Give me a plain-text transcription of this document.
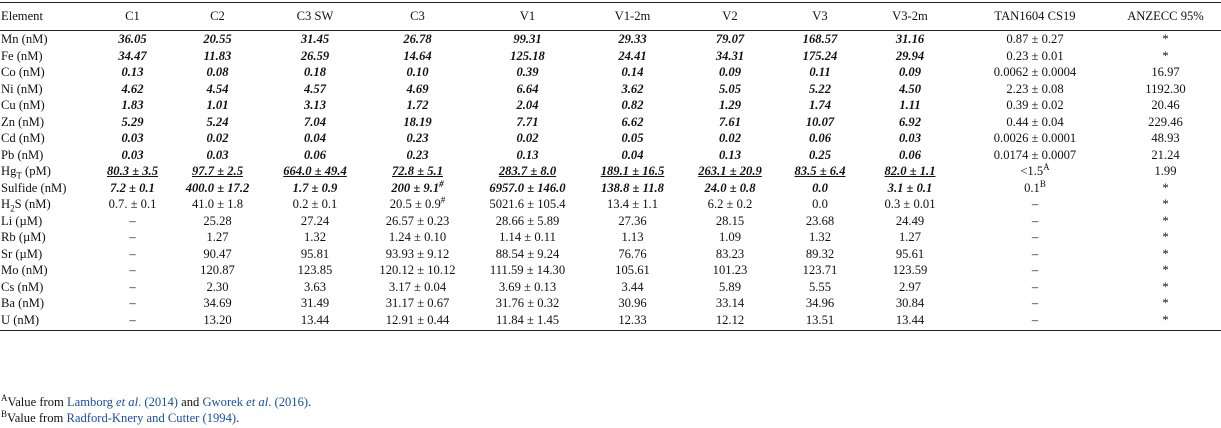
Element	C1	C2	C3 SW	C3	V1	V1-2m	V2	V3	V3-2m	TAN1604 CS19	ANZECC 95%
Mn (nM)	36.05	20.55	31.45	26.78	99.31	29.33	79.07	168.57	31.16	0.87 ± 0.27	*
Fe (nM)	34.47	11.83	26.59	14.64	125.18	24.41	34.31	175.24	29.94	0.23 ± 0.01	*
Co (nM)	0.13	0.08	0.18	0.10	0.39	0.14	0.09	0.11	0.09	0.0062 ± 0.0004	16.97
Ni (nM)	4.62	4.54	4.57	4.69	6.64	3.62	5.05	5.22	4.50	2.23 ± 0.08	1192.30
Cu (nM)	1.83	1.01	3.13	1.72	2.04	0.82	1.29	1.74	1.11	0.39 ± 0.02	20.46
Zn (nM)	5.29	5.24	7.04	18.19	7.71	6.62	7.61	10.07	6.92	0.44 ± 0.04	229.46
Cd (nM)	0.03	0.02	0.04	0.23	0.02	0.05	0.02	0.06	0.03	0.0026 ± 0.0001	48.93
Pb (nM)	0.03	0.03	0.06	0.23	0.13	0.04	0.13	0.25	0.06	0.0174 ± 0.0007	21.24
$Hg_T$ (pM)	80.3 ± 3.5	97.7 ± 2.5	664.0 ± 49.4	72.8 ± 5.1	283.7 ± 8.0	189.1 ± 16.5	263.1 ± 20.9	83.5 ± 6.4	82.0 ± 1.1	$<1.5^A$	1.99
Sulfide (nM)	7.2 ± 0.1	400.0 ± 17.2	1.7 ± 0.9	200 ± 9.1#	6957.0 ± 146.0	138.8 ± 11.8	24.0 ± 0.8	0.0	3.1 ± 0.1	$0.1^B$	*
$H_2S$ (nM)	0.7. ± 0.1	41.0 ± 1.8	0.2 ± 0.1	20.5 ± 0.9#	5021.6 ± 105.4	13.4 ± 1.1	6.2 ± 0.2	0.0	0.3 ± 0.01	–	*
Li (µM)	–	25.28	27.24	26.57 ± 0.23	28.66 ± 5.89	27.36	28.15	23.68	24.49	–	*
Rb (µM)	–	1.27	1.32	1.24 ± 0.10	1.14 ± 0.11	1.13	1.09	1.32	1.27	–	*
Sr (µM)	–	90.47	95.81	93.93 ± 9.12	88.54 ± 9.24	76.76	83.23	89.32	95.61	–	*
Mo (nM)	–	120.87	123.85	120.12 ± 10.12	111.59 ± 14.30	105.61	101.23	123.71	123.59	–	*
Cs (nM)	–	2.30	3.63	3.17 ± 0.04	3.69 ± 0.13	3.44	5.89	5.55	2.97	–	*
Ba (nM)	–	34.69	31.49	31.17 ± 0.67	31.76 ± 0.32	30.96	33.14	34.96	30.84	–	*
U (nM)	–	13.20	13.44	12.91 ± 0.44	11.84 ± 1.45	12.33	12.12	13.51	13.44	–	*
$^A$Value from Lamborg et al. (2014) and Gworek et al. (2016).
$^B$Value from Radford-Knery and Cutter (1994).
